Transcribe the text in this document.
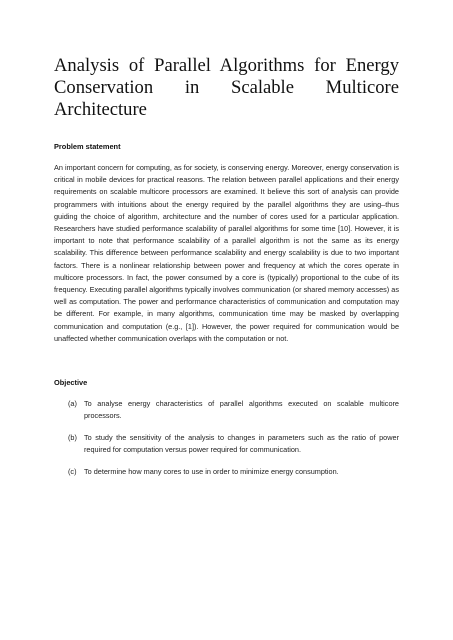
Analysis of Parallel Algorithms for Energy Conservation in Scalable Multicore Architecture
Problem statement

An important concern for computing, as for society, is conserving energy. Moreover, energy conservation is critical in mobile devices for practical reasons. The relation between parallel applications and their energy requirements on scalable multicore processors are examined. It believe this sort of analysis can provide programmers with intuitions about the energy required by the parallel algorithms they are using–thus guiding the choice of algorithm, architecture and the number of cores used for a particular application. Researchers have studied performance scalability of parallel algorithms for some time [10]. However, it is important to note that performance scalability of a parallel algorithm is not the same as its energy scalability. This difference between performance scalability and energy scalability is due to two important factors. There is a nonlinear relationship between power and frequency at which the cores operate in multicore processors. In fact, the power consumed by a core is (typically) proportional to the cube of its frequency. Executing parallel algorithms typically involves communication (or shared memory accesses) as well as computation. The power and performance characteristics of communication and computation may be different. For example, in many algorithms, communication time may be masked by overlapping communication and computation (e.g., [1]). However, the power required for communication would be unaffected whether communication overlaps with the computation or not.

Objective
(a) To analyse energy characteristics of parallel algorithms executed on scalable multicore processors.
(b) To study the sensitivity of the analysis to changes in parameters such as the ratio of power required for computation versus power required for communication.
(c) To determine how many cores to use in order to minimize energy consumption.
